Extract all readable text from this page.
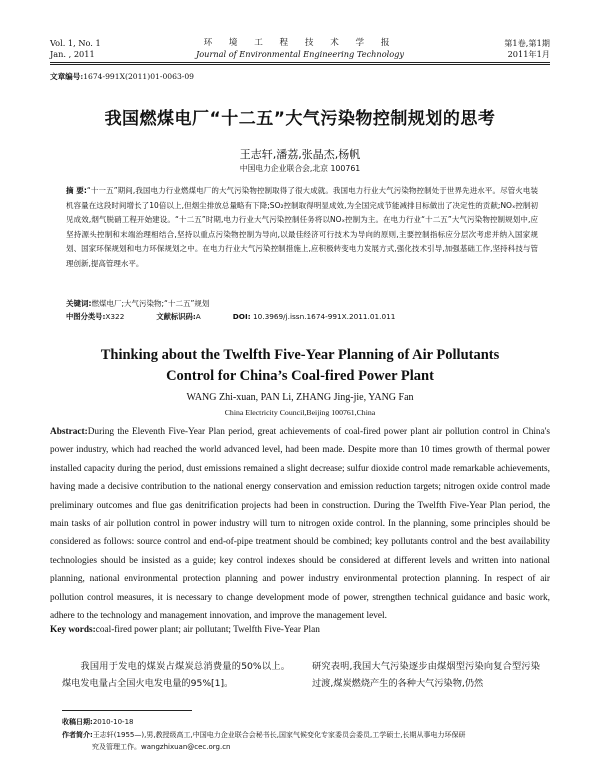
Vol. 1, No. 1
Jan. , 2011
环 境 工 程 技 术 学 报
Journal of Environmental Engineering Technology
第1卷,第1期
2011年1月
文章编号:1674-991X(2011)01-0063-09
我国燃煤电厂“十二五”大气污染物控制规划的思考
王志轩,潘荔,张晶杰,杨帆
中国电力企业联合会,北京 100761

摘 要:“十一五”期间,我国电力行业燃煤电厂的大气污染物控制取得了很大成就。我国电力行业大气污染物控制处于世界先进水平。尽管火电装机容量在这段时间增长了10倍以上,但烟尘排放总量略有下降;SO₂控制取得明显成效,为全国完成节能减排目标做出了决定性的贡献;NOₓ控制初见成效,烟气脱硝工程开始建设。“十二五”时期,电力行业大气污染控制任务将以NOₓ控制为主。在电力行业“十二五”大气污染物控制规划中,应坚持源头控制和末端治理相结合,坚持以重点污染物控制为导向,以最佳经济可行技术为导向的原则,主要控制指标应分层次考虑并纳入国家规划、国家环保规划和电力环保规划之中。在电力行业大气污染控制措施上,应积极转变电力发展方式,强化技术引导,加强基础工作,坚持科技与管理创新,提高管理水平。

关键词:燃煤电厂;大气污染物;“十二五”规划
中图分类号:X322	文献标识码:A	DOI: 10.3969/j.issn.1674-991X.2011.01.011
Thinking about the Twelfth Five-Year Planning of Air Pollutants
Control for China’s Coal-fired Power Plant
WANG Zhi-xuan, PAN Li, ZHANG Jing-jie, YANG Fan
China Electricity Council,Beijing 100761,China

Abstract:During the Eleventh Five-Year Plan period, great achievements of coal-fired power plant air pollution control in China's power industry, which had reached the world advanced level, had been made. Despite more than 10 times growth of thermal power installed capacity during the period, dust emissions remained a slight decrease; sulfur dioxide control made remarkable achievements, having made a decisive contribution to the national energy conservation and emission reduction targets; nitrogen oxide control made preliminary outcomes and flue gas denitrification projects had been in construction. During the Twelfth Five-Year Plan period, the main tasks of air pollution control in power industry will turn to nitrogen oxide control. In the planning, some principles should be considered as follows: source control and end-of-pipe treatment should be combined; key pollutants control and the best availability technologies should be insisted as a guide; key control indexes should be considered at different levels and written into national planning, national environmental protection planning and power industry environmental protection planning. In respect of air pollution control measures, it is necessary to change development mode of power, strengthen technical guidance and basic work, adhere to the technology and management innovation, and improve the management level.

Key words:coal-fired power plant; air pollutant; Twelfth Five-Year Plan

我国用于发电的煤炭占煤炭总消费量的50%以上。煤电发电量占全国火电发电量的95%[1]。

研究表明,我国大气污染逐步由煤烟型污染向复合型污染过渡,煤炭燃烧产生的各种大气污染物,仍然

收稿日期:2010-10-18
作者简介:王志轩(1955—),男,教授级高工,中国电力企业联合会秘书长,国家气候变化专家委员会委员,工学硕士,长期从事电力环保研
究及管理工作。wangzhixuan@cec.org.cn
